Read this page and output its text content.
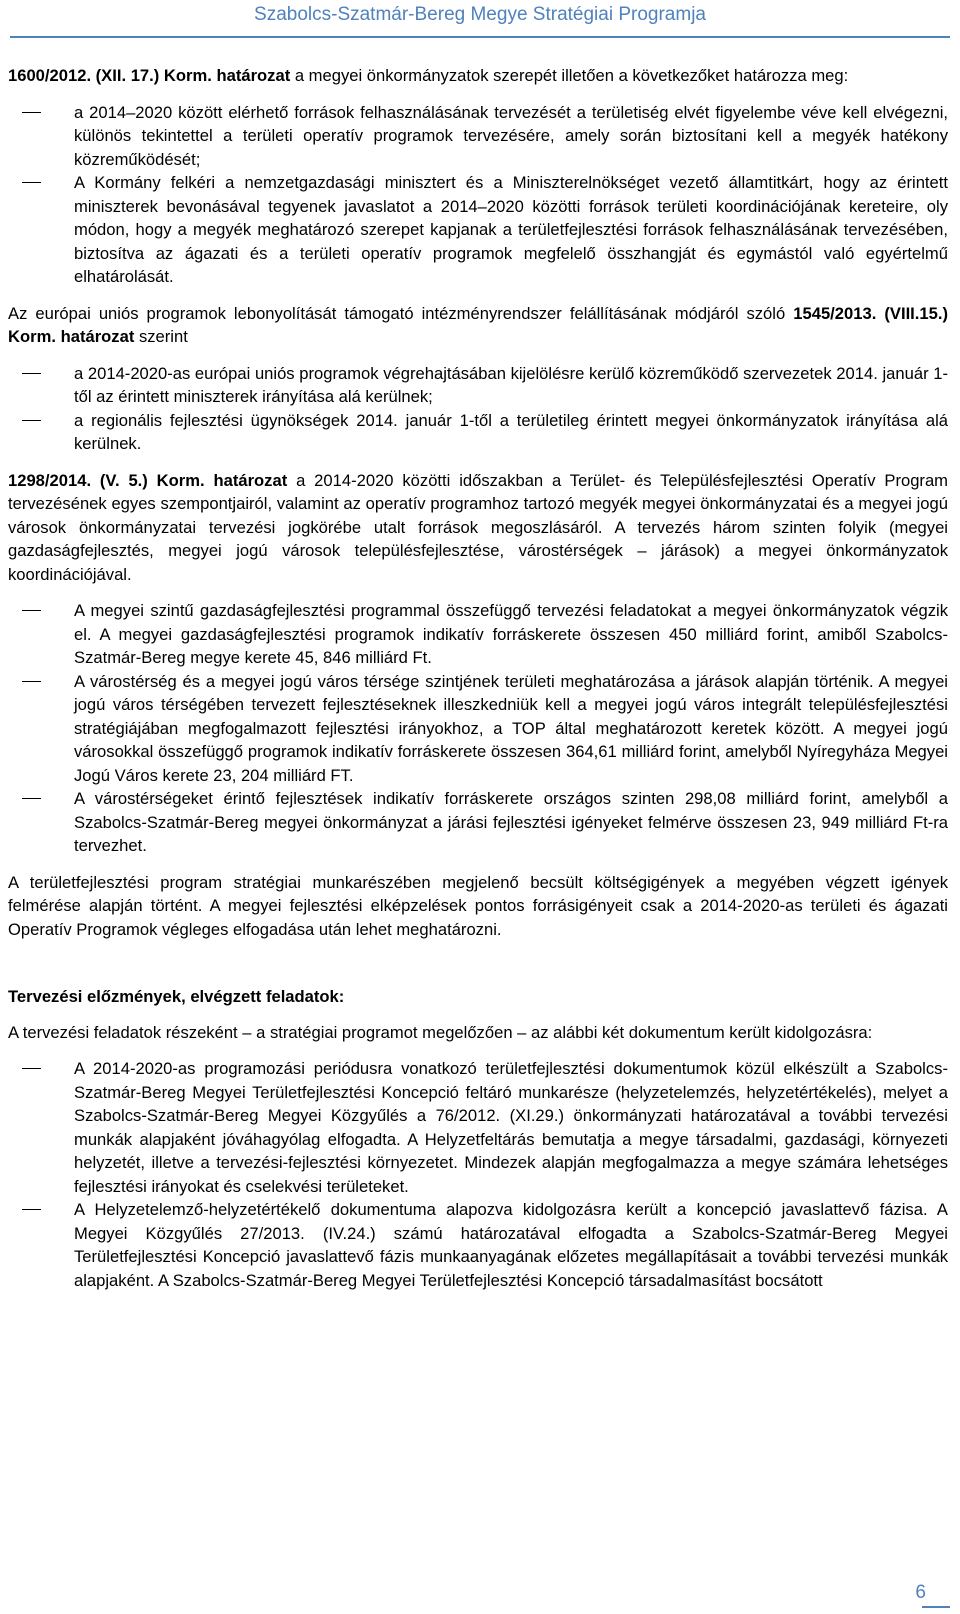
Szabolcs-Szatmár-Bereg Megye Stratégiai Programja

1600/2012. (XII. 17.) Korm. határozat a megyei önkormányzatok szerepét illetően a következőket határozza meg:

a 2014–2020 között elérhető források felhasználásának tervezését a területiség elvét figyelembe véve kell elvégezni, különös tekintettel a területi operatív programok tervezésére, amely során biztosítani kell a megyék hatékony közreműködését;
A Kormány felkéri a nemzetgazdasági minisztert és a Miniszterelnökséget vezető államtitkárt, hogy az érintett miniszterek bevonásával tegyenek javaslatot a 2014–2020 közötti források területi koordinációjának kereteire, oly módon, hogy a megyék meghatározó szerepet kapjanak a területfejlesztési források felhasználásának tervezésében, biztosítva az ágazati és a területi operatív programok megfelelő összhangját és egymástól való egyértelmű elhatárolását.

Az európai uniós programok lebonyolítását támogató intézményrendszer felállításának módjáról szóló 1545/2013. (VIII.15.) Korm. határozat szerint

a 2014-2020-as európai uniós programok végrehajtásában kijelölésre kerülő közreműködő szervezetek 2014. január 1-től az érintett miniszterek irányítása alá kerülnek;
a regionális fejlesztési ügynökségek 2014. január 1-től a területileg érintett megyei önkormányzatok irányítása alá kerülnek.

1298/2014. (V. 5.) Korm. határozat a 2014-2020 közötti időszakban a Terület- és Településfejlesztési Operatív Program tervezésének egyes szempontjairól, valamint az operatív programhoz tartozó megyék megyei önkormányzatai és a megyei jogú városok önkormányzatai tervezési jogkörébe utalt források megoszlásáról. A tervezés három szinten folyik (megyei gazdaságfejlesztés, megyei jogú városok településfejlesztése, várostérségek – járások) a megyei önkormányzatok koordinációjával.

A megyei szintű gazdaságfejlesztési programmal összefüggő tervezési feladatokat a megyei önkormányzatok végzik el. A megyei gazdaságfejlesztési programok indikatív forráskerete összesen 450 milliárd forint, amiből Szabolcs-Szatmár-Bereg megye kerete 45, 846 milliárd Ft.
A várostérség és a megyei jogú város térsége szintjének területi meghatározása a járások alapján történik. A megyei jogú város térségében tervezett fejlesztéseknek illeszkedniük kell a megyei jogú város integrált településfejlesztési stratégiájában megfogalmazott fejlesztési irányokhoz, a TOP által meghatározott keretek között. A megyei jogú városokkal összefüggő programok indikatív forráskerete összesen 364,61 milliárd forint, amelyből Nyíregyháza Megyei Jogú Város kerete 23, 204 milliárd FT.
A várostérségeket érintő fejlesztések indikatív forráskerete országos szinten 298,08 milliárd forint, amelyből a Szabolcs-Szatmár-Bereg megyei önkormányzat a járási fejlesztési igényeket felmérve összesen 23, 949 milliárd Ft-ra tervezhet.

A területfejlesztési program stratégiai munkarészében megjelenő becsült költségigények a megyében végzett igények felmérése alapján történt. A megyei fejlesztési elképzelések pontos forrásigényeit csak a 2014-2020-as területi és ágazati Operatív Programok végleges elfogadása után lehet meghatározni.

Tervezési előzmények, elvégzett feladatok:

A tervezési feladatok részeként – a stratégiai programot megelőzően – az alábbi két dokumentum került kidolgozásra:

A 2014-2020-as programozási periódusra vonatkozó területfejlesztési dokumentumok közül elkészült a Szabolcs-Szatmár-Bereg Megyei Területfejlesztési Koncepció feltáró munkarésze (helyzetelemzés, helyzetértékelés), melyet a Szabolcs-Szatmár-Bereg Megyei Közgyűlés a 76/2012. (XI.29.) önkormányzati határozatával a további tervezési munkák alapjaként jóváhagyólag elfogadta. A Helyzetfeltárás bemutatja a megye társadalmi, gazdasági, környezeti helyzetét, illetve a tervezési-fejlesztési környezetet. Mindezek alapján megfogalmazza a megye számára lehetséges fejlesztési irányokat és cselekvési területeket.
A Helyzetelemző-helyzetértékelő dokumentuma alapozva kidolgozásra került a koncepció javaslattevő fázisa. A Megyei Közgyűlés 27/2013. (IV.24.) számú határozatával elfogadta a Szabolcs-Szatmár-Bereg Megyei Területfejlesztési Koncepció javaslattevő fázis munkaanyagának előzetes megállapításait a további tervezési munkák alapjaként. A Szabolcs-Szatmár-Bereg Megyei Területfejlesztési Koncepció társadalmasítást bocsátott
6
